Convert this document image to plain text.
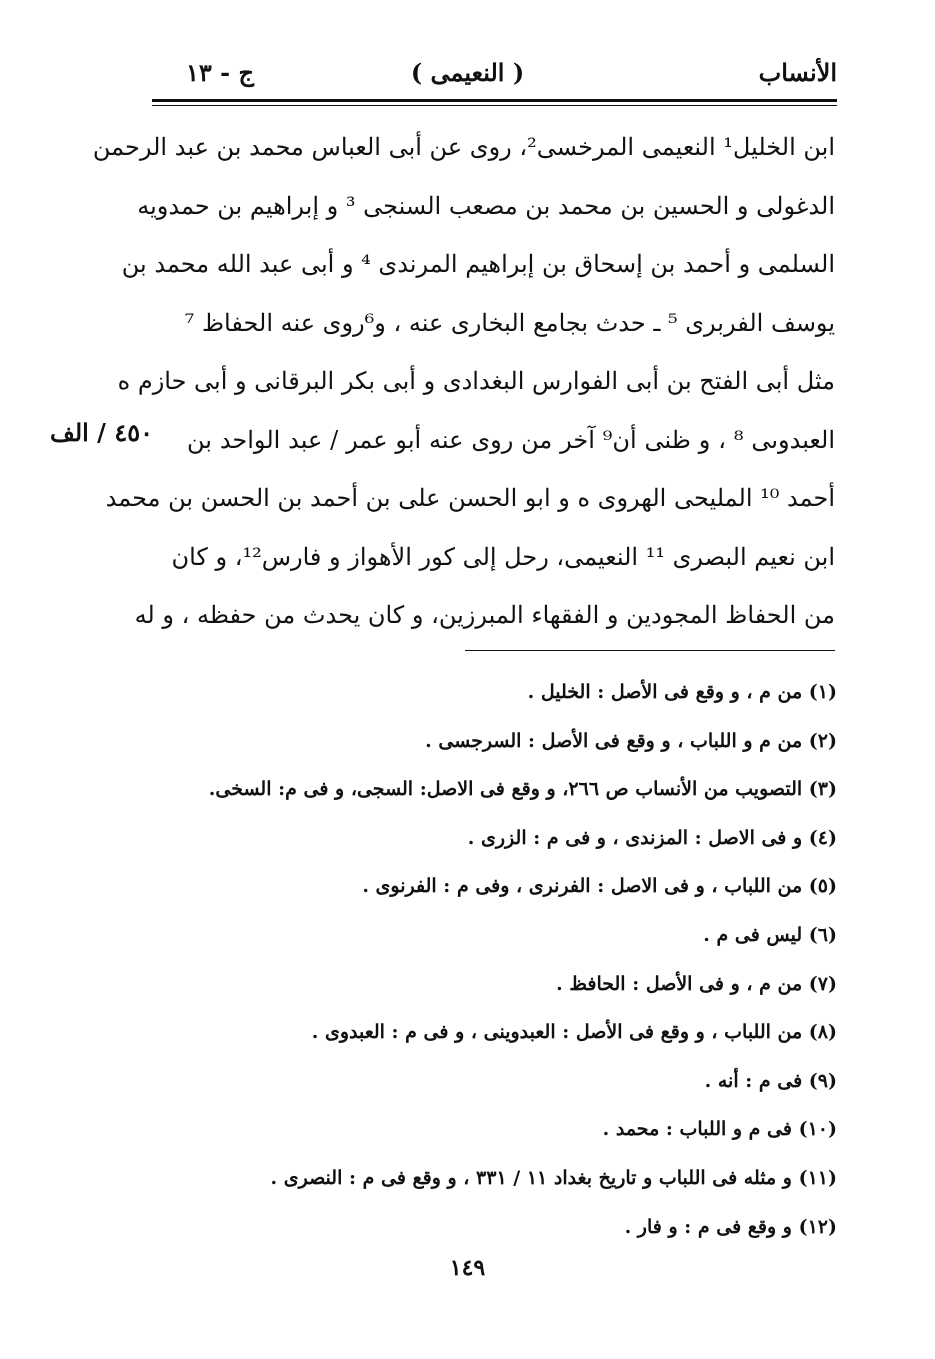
الأنساب
( النعيمى )
ج - ١٣
ابن الخليل¹ النعيمى المرخسى²، روى عن أبى العباس محمد بن عبد الرحمن
الدغولى و الحسين بن محمد بن مصعب السنجى ³ و إبراهيم بن حمدويه
السلمى و أحمد بن إسحاق بن إبراهيم المرندى ⁴ و أبى عبد الله محمد بن
يوسف الفربرى ⁵ ـ حدث بجامع البخارى عنه ، و⁶روى عنه الحفاظ ⁷
مثل أبى الفتح بن أبى الفوارس البغدادى و أبى بكر البرقانى و أبى حازم ه
العبدوىى ⁸ ، و ظنى أن⁹ آخر من روى عنه أبو عمر / عبد الواحد بن
أحمد ¹⁰ المليحى الهروى ه و ابو الحسن على بن أحمد بن الحسن بن محمد
ابن نعيم البصرى ¹¹ النعيمى، رحل إلى كور الأهواز و فارس¹²، و كان
من الحفاظ المجودين و الفقهاء المبرزين، و كان يحدث من حفظه ، و له
٤٥٠ / الف
(١) من م ، و وقع فى الأصل : الخليل .
(٢) من م و اللباب ، و وقع فى الأصل : السرجسى .
(٣) التصويب من الأنساب ص ٢٦٦، و وقع فى الاصل: السجى، و فى م: السخى.
(٤) و فى الاصل : المزندى ، و فى م : الزرى .
(٥) من اللباب ، و فى الاصل : الفرنرى ، وفى م : الفرنوى .
(٦) ليس فى م .
(٧) من م ، و فى الأصل : الحافظ .
(٨) من اللباب ، و وقع فى الأصل : العبدوينى ، و فى م : العبدوى .
(٩) فى م : أنه .
(١٠) فى م و اللباب : محمد .
(١١) و مثله فى اللباب و تاريخ بغداد ١١ / ٣٣١ ، و وقع فى م : النصرى .
(١٢) و وقع فى م : و فار .
١٤٩
